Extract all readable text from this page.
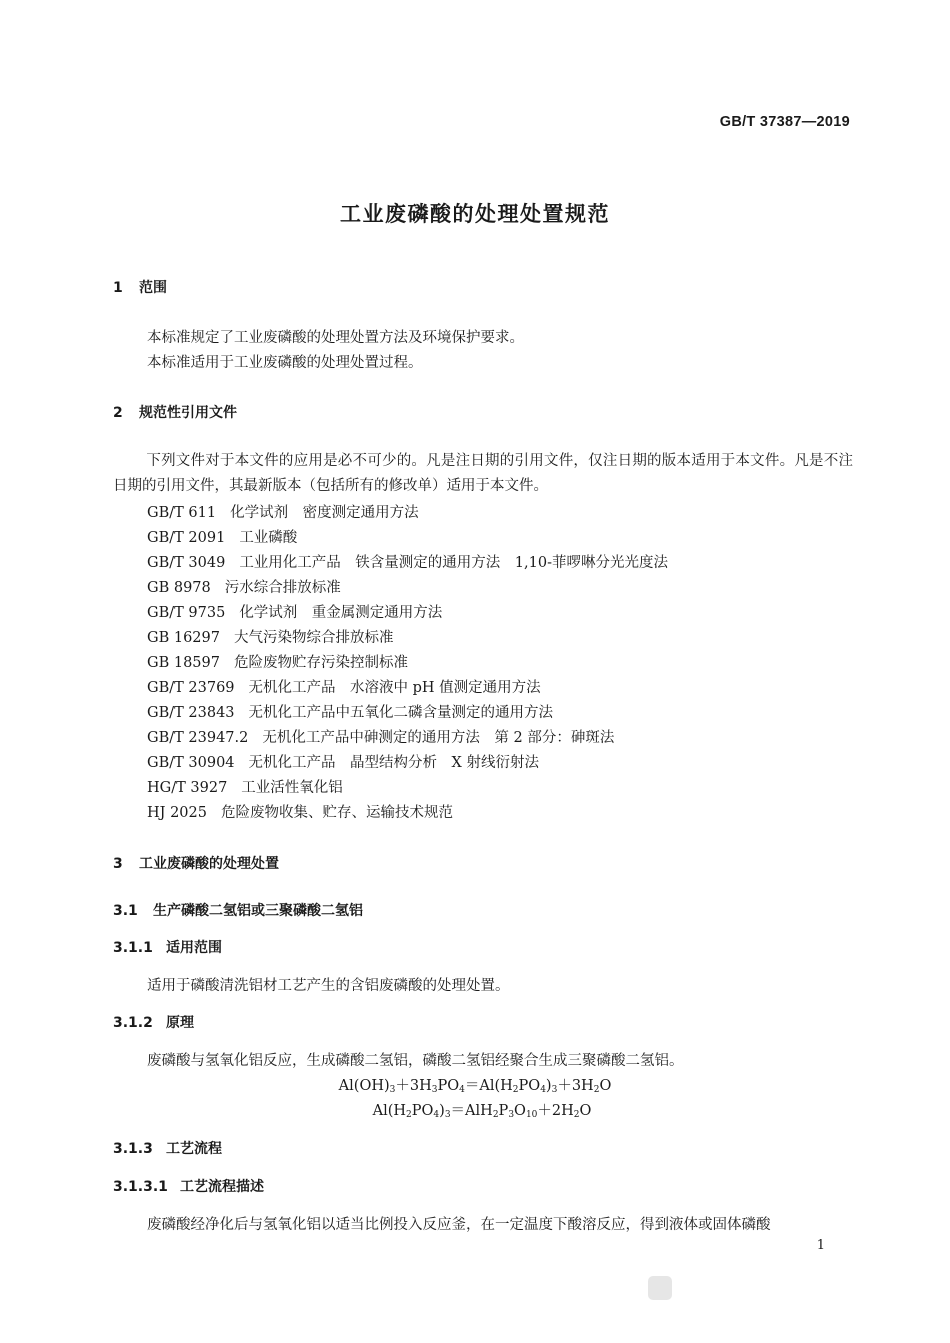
GB/T 37387—2019
工业废磷酸的处理处置规范
1 范围
本标准规定了工业废磷酸的处理处置方法及环境保护要求。
本标准适用于工业废磷酸的处理处置过程。
2 规范性引用文件
下列文件对于本文件的应用是必不可少的。凡是注日期的引用文件，仅注日期的版本适用于本文件。凡是不注日期的引用文件，其最新版本（包括所有的修改单）适用于本文件。
GB/T 611 化学试剂　密度测定通用方法
GB/T 2091 工业磷酸
GB/T 3049 工业用化工产品　铁含量测定的通用方法　1,10-菲啰啉分光光度法
GB 8978 污水综合排放标准
GB/T 9735 化学试剂　重金属测定通用方法
GB 16297 大气污染物综合排放标准
GB 18597 危险废物贮存污染控制标准
GB/T 23769 无机化工产品　水溶液中 pH 值测定通用方法
GB/T 23843 无机化工产品中五氧化二磷含量测定的通用方法
GB/T 23947.2 无机化工产品中砷测定的通用方法　第 2 部分：砷斑法
GB/T 30904 无机化工产品　晶型结构分析　X 射线衍射法
HG/T 3927 工业活性氧化铝
HJ 2025 危险废物收集、贮存、运输技术规范
3 工业废磷酸的处理处置
3.1 生产磷酸二氢铝或三聚磷酸二氢铝
3.1.1 适用范围
适用于磷酸清洗铝材工艺产生的含铝废磷酸的处理处置。
3.1.2 原理
废磷酸与氢氧化铝反应，生成磷酸二氢铝，磷酸二氢铝经聚合生成三聚磷酸二氢铝。
$Al(OH)_3+3H_3PO_4=Al(H_2PO_4)_3+3H_2O$
$Al(H_2PO_4)_3=AlH_2P_3O_{10}+2H_2O$
3.1.3 工艺流程
3.1.3.1 工艺流程描述
废磷酸经净化后与氢氧化铝以适当比例投入反应釜，在一定温度下酸溶反应，得到液体或固体磷酸
1
